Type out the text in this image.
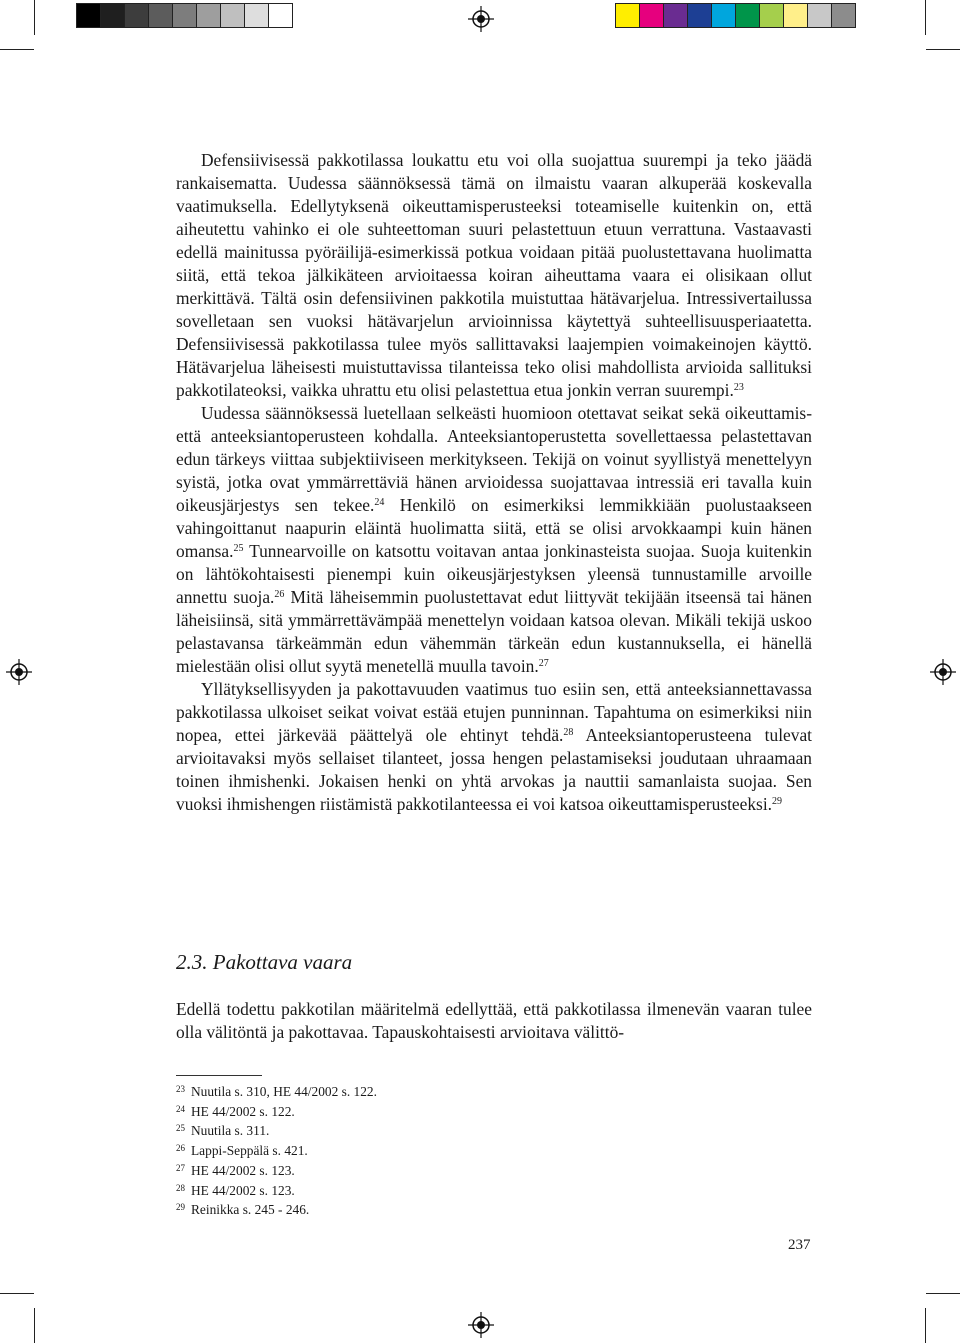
Defensiivisessä pakkotilassa loukattu etu voi olla suojattua suurempi ja teko jäädä rankaisematta. Uudessa säännöksessä tämä on ilmaistu vaaran alkuperää koskevalla vaatimuksella. Edellytyksenä oikeuttamisperusteeksi toteamiselle kuitenkin on, että aiheutettu vahinko ei ole suhteettoman suuri pelastettuun etuun verrattuna. Vastaavasti edellä mainitussa pyöräilijä-esimerkissä potkua voidaan pitää puolustettavana huolimatta siitä, että tekoa jälkikäteen arvioitaessa koiran aiheuttama vaara ei olisikaan ollut merkittävä. Tältä osin defensiivinen pakkotila muistuttaa hätävarjelua. Intressivertailussa sovelletaan sen vuoksi hätävarjelun arvioinnissa käytettyä suhteellisuusperiaatetta. Defensiivisessä pakkotilassa tulee myös sallittavaksi laajempien voimakeinojen käyttö. Hätävarjelua läheisesti muistuttavissa tilanteissa teko olisi mahdollista arvioida sallituksi pakkotilateoksi, vaikka uhrattu etu olisi pelastettua etua jonkin verran suurempi.$^{23}$

Uudessa säännöksessä luetellaan selkeästi huomioon otettavat seikat sekä oikeuttamis- että anteeksiantoperusteen kohdalla. Anteeksiantoperustetta sovellettaessa pelastettavan edun tärkeys viittaa subjektiiviseen merkitykseen. Tekijä on voinut syyllistyä menettelyyn syistä, jotka ovat ymmärrettäviä hänen arvioidessa suojattavaa intressiä eri tavalla kuin oikeusjärjestys sen tekee.$^{24}$ Henkilö on esimerkiksi lemmikkiään puolustaakseen vahingoittanut naapurin eläintä huolimatta siitä, että se olisi arvokkaampi kuin hänen omansa.$^{25}$ Tunnearvoille on katsottu voitavan antaa jonkinasteista suojaa. Suoja kuitenkin on lähtökohtaisesti pienempi kuin oikeusjärjestyksen yleensä tunnustamille arvoille annettu suoja.$^{26}$ Mitä läheisemmin puolustettavat edut liittyvät tekijään itseensä tai hänen läheisiinsä, sitä ymmärrettävämpää menettelyn voidaan katsoa olevan. Mikäli tekijä uskoo pelastavansa tärkeämmän edun vähemmän tärkeän edun kustannuksella, ei hänellä mielestään olisi ollut syytä menetellä muulla tavoin.$^{27}$

Yllätyksellisyyden ja pakottavuuden vaatimus tuo esiin sen, että anteeksiannettavassa pakkotilassa ulkoiset seikat voivat estää etujen punninnan. Tapahtuma on esimerkiksi niin nopea, ettei järkevää päättelyä ole ehtinyt tehdä.$^{28}$ Anteeksiantoperusteena tulevat arvioitavaksi myös sellaiset tilanteet, jossa hengen pelastamiseksi joudutaan uhraamaan toinen ihmishenki. Jokaisen henki on yhtä arvokas ja nauttii samanlaista suojaa. Sen vuoksi ihmishengen riistämistä pakkotilanteessa ei voi katsoa oikeuttamisperusteeksi.$^{29}$

2.3. Pakottava vaara

Edellä todettu pakkotilan määritelmä edellyttää, että pakkotilassa ilmenevän vaaran tulee olla välitöntä ja pakottavaa. Tapauskohtaisesti arvioitava välittö-

23 Nuutila s. 310, HE 44/2002 s. 122.
24 HE 44/2002 s. 122.
25 Nuutila s. 311.
26 Lappi-Seppälä s. 421.
27 HE 44/2002 s. 123.
28 HE 44/2002 s. 123.
29 Reinikka s. 245 - 246.
237
